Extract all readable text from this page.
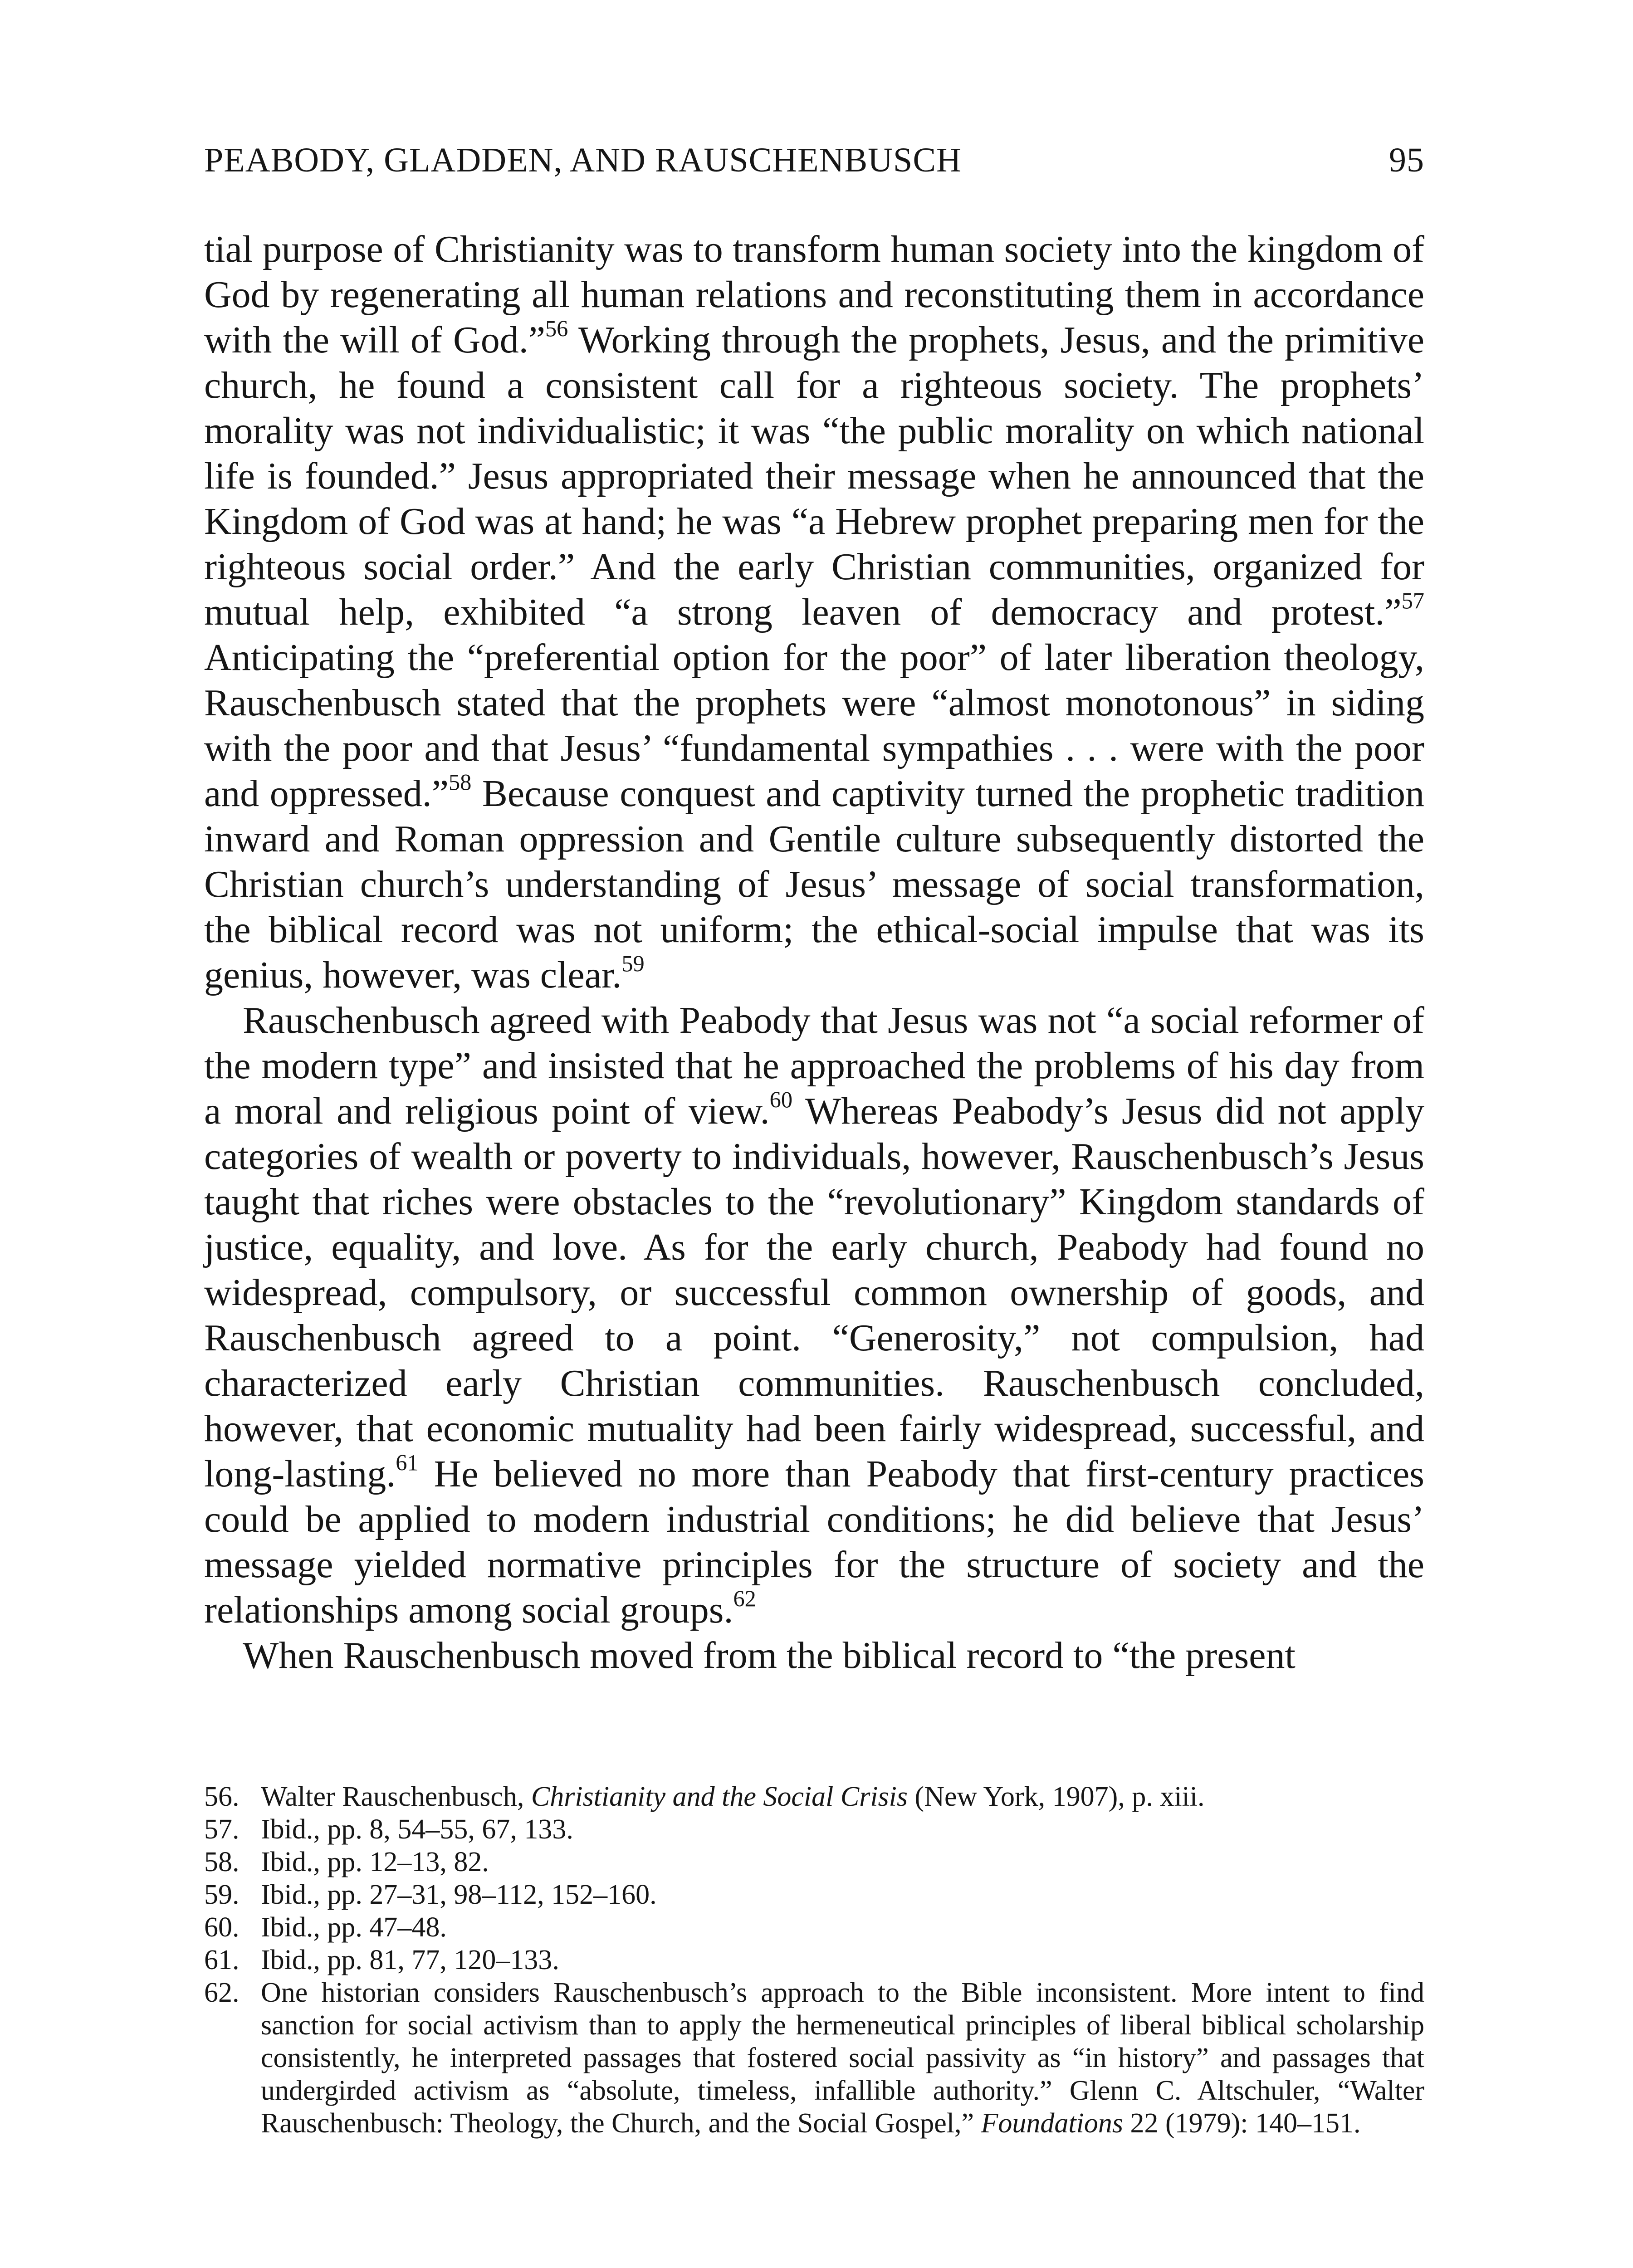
PEABODY, GLADDEN, AND RAUSCHENBUSCH	95

tial purpose of Christianity was to transform human society into the kingdom of God by regenerating all human relations and reconstituting them in accordance with the will of God.”$^{56}$ Working through the prophets, Jesus, and the primitive church, he found a consistent call for a righteous society. The prophets’ morality was not individualistic; it was “the public morality on which national life is founded.” Jesus appropriated their message when he announced that the Kingdom of God was at hand; he was “a Hebrew prophet preparing men for the righteous social order.” And the early Christian communities, organized for mutual help, exhibited “a strong leaven of democracy and protest.”$^{57}$ Anticipating the “preferential option for the poor” of later liberation theology, Rauschenbusch stated that the prophets were “almost monotonous” in siding with the poor and that Jesus’ “fundamental sympathies . . . were with the poor and oppressed.”$^{58}$ Because conquest and captivity turned the prophetic tradition inward and Roman oppression and Gentile culture subsequently distorted the Christian church’s understanding of Jesus’ message of social transformation, the biblical record was not uniform; the ethical-social impulse that was its genius, however, was clear.$^{59}$

Rauschenbusch agreed with Peabody that Jesus was not “a social reformer of the modern type” and insisted that he approached the problems of his day from a moral and religious point of view.$^{60}$ Whereas Peabody’s Jesus did not apply categories of wealth or poverty to individuals, however, Rauschenbusch’s Jesus taught that riches were obstacles to the “revolutionary” Kingdom standards of justice, equality, and love. As for the early church, Peabody had found no widespread, compulsory, or successful common ownership of goods, and Rauschenbusch agreed to a point. “Generosity,” not compulsion, had characterized early Christian communities. Rauschenbusch concluded, however, that economic mutuality had been fairly widespread, successful, and long-lasting.$^{61}$ He believed no more than Peabody that first-century practices could be applied to modern industrial conditions; he did believe that Jesus’ message yielded normative principles for the structure of society and the relationships among social groups.$^{62}$

When Rauschenbusch moved from the biblical record to “the present

56. Walter Rauschenbusch, Christianity and the Social Crisis (New York, 1907), p. xiii.
57. Ibid., pp. 8, 54–55, 67, 133.
58. Ibid., pp. 12–13, 82.
59. Ibid., pp. 27–31, 98–112, 152–160.
60. Ibid., pp. 47–48.
61. Ibid., pp. 81, 77, 120–133.
62. One historian considers Rauschenbusch’s approach to the Bible inconsistent. More intent to find sanction for social activism than to apply the hermeneutical principles of liberal biblical scholarship consistently, he interpreted passages that fostered social passivity as “in history” and passages that undergirded activism as “absolute, timeless, infallible authority.” Glenn C. Altschuler, “Walter Rauschenbusch: Theology, the Church, and the Social Gospel,” Foundations 22 (1979): 140–151.
